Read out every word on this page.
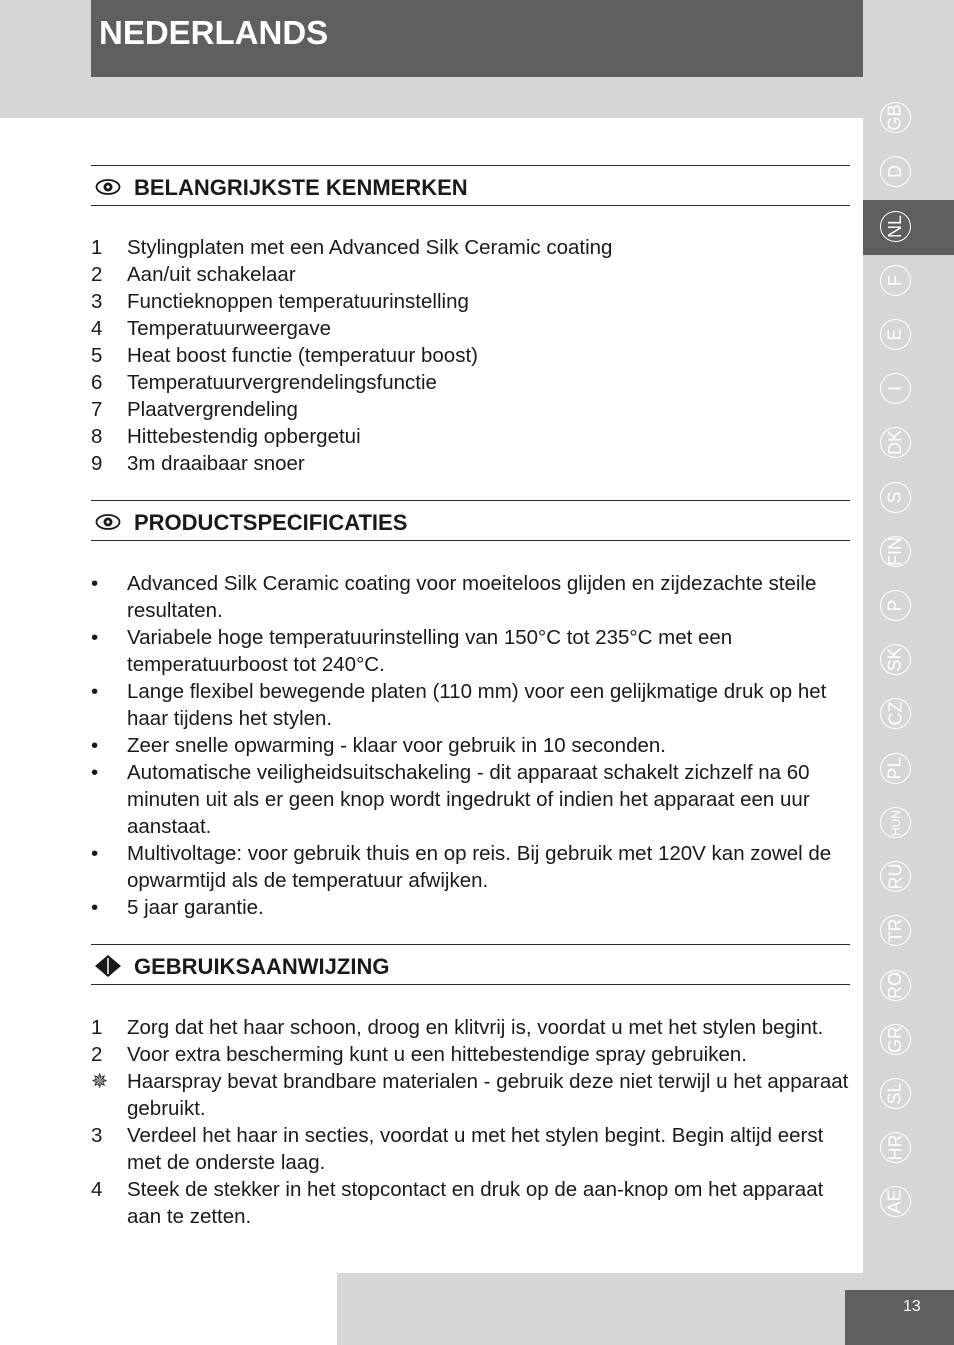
NEDERLANDS
GB
D
NL
F
E
I
DK
S
FIN
P
SK
CZ
PL
HUN
RU
TR
RO
GR
SL
HR
AE
BELANGRIJKSTE KENMERKEN
1 Stylingplaten met een Advanced Silk Ceramic coating
2 Aan/uit schakelaar
3 Functieknoppen temperatuurinstelling
4 Temperatuurweergave
5 Heat boost functie (temperatuur boost)
6 Temperatuurvergrendelingsfunctie
7 Plaatvergrendeling
8 Hittebestendig opbergetui
9 3m draaibaar snoer
PRODUCTSPECIFICATIES
• Advanced Silk Ceramic coating voor moeiteloos glijden en zijdezachte steile resultaten.
• Variabele hoge temperatuurinstelling van 150°C tot 235°C met een temperatuurboost tot 240°C.
• Lange flexibel bewegende platen (110 mm) voor een gelijkmatige druk op het haar tijdens het stylen.
• Zeer snelle opwarming - klaar voor gebruik in 10 seconden.
• Automatische veiligheidsuitschakeling - dit apparaat schakelt zichzelf na 60 minuten uit als er geen knop wordt ingedrukt of indien het apparaat een uur aanstaat.
• Multivoltage: voor gebruik thuis en op reis. Bij gebruik met 120V kan zowel de opwarmtijd als de temperatuur afwijken.
• 5 jaar garantie.
GEBRUIKSAANWIJZING
1 Zorg dat het haar schoon, droog en klitvrij is, voordat u met het stylen begint.
2 Voor extra bescherming kunt u een hittebestendige spray gebruiken.
✵ Haarspray bevat brandbare materialen - gebruik deze niet terwijl u het apparaat gebruikt.
3 Verdeel het haar in secties, voordat u met het stylen begint. Begin altijd eerst met de onderste laag.
4 Steek de stekker in het stopcontact en druk op de aan-knop om het apparaat aan te zetten.
13
